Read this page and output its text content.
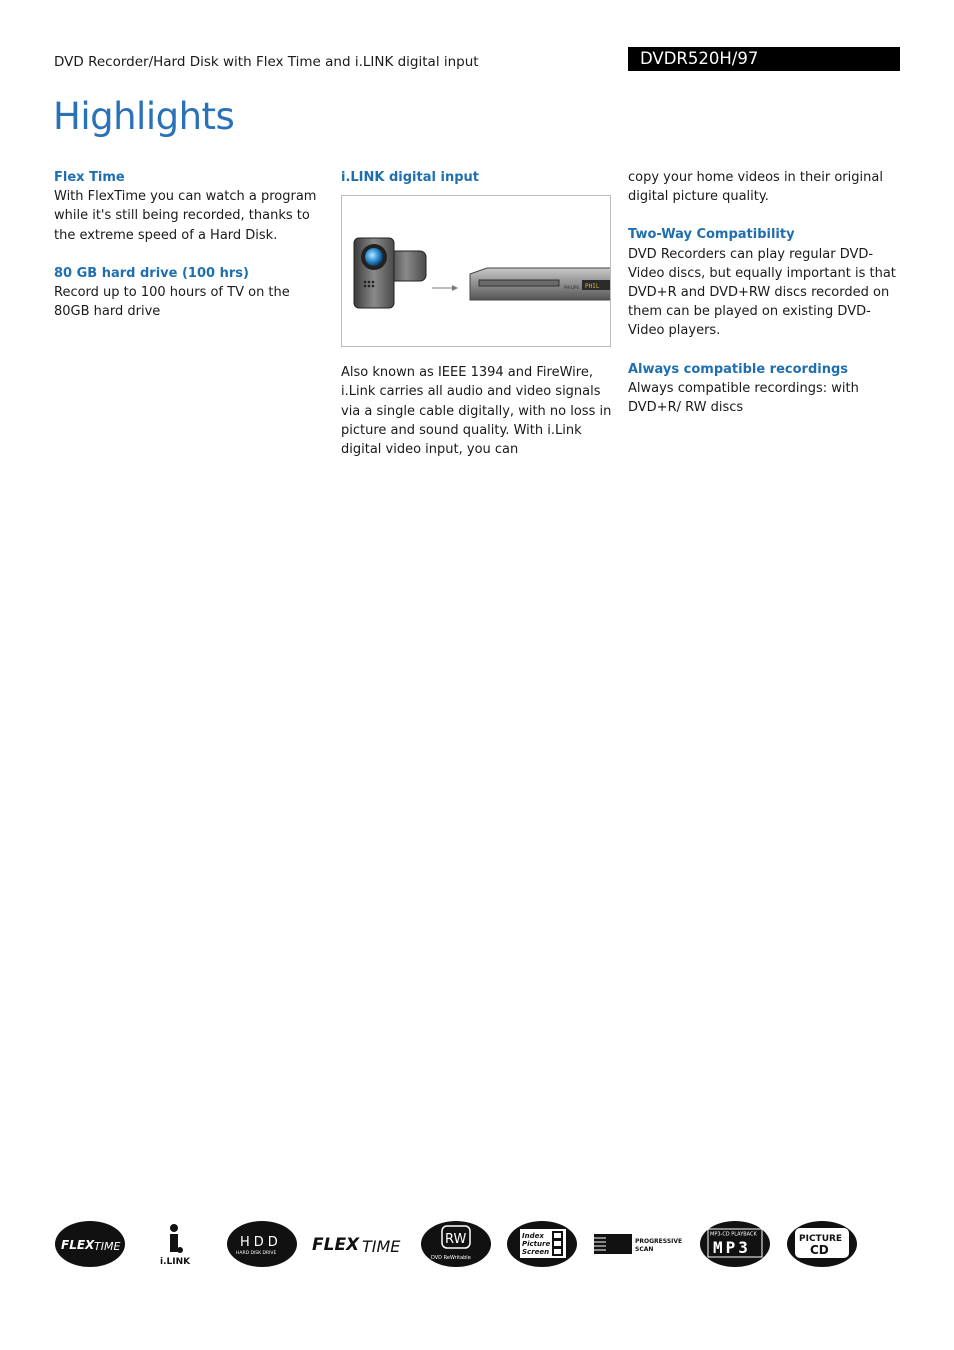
DVD Recorder/Hard Disk with Flex Time and i.LINK digital input	DVDR520H/97
Highlights
Flex Time

With FlexTime you can watch a program while it's still being recorded, thanks to the extreme speed of a Hard Disk.

80 GB hard drive (100 hrs)

Record up to 100 hours of TV on the 80GB hard drive

i.LINK digital input
PHILIPS PHIL

Also known as IEEE 1394 and FireWire, i.Link carries all audio and video signals via a single cable digitally, with no loss in picture and sound quality. With i.Link digital video input, you can

copy your home videos in their original digital picture quality.

Two-Way Compatibility

DVD Recorders can play regular DVD-Video discs, but equally important is that DVD+R and DVD+RW discs recorded on them can be played on existing DVD-Video players.

Always compatible recordings

Always compatible recordings: with DVD+R/ RW discs

FLEX TIME
i.LINK
HDD
HARD DISK DRIVE FLEX TIME	RW
DVD ReWritable
Index
Picture
Screen
PROGRESSIVE
SCAN
MP3-CD PLAYBACK
MP3	PICTURE
CD
